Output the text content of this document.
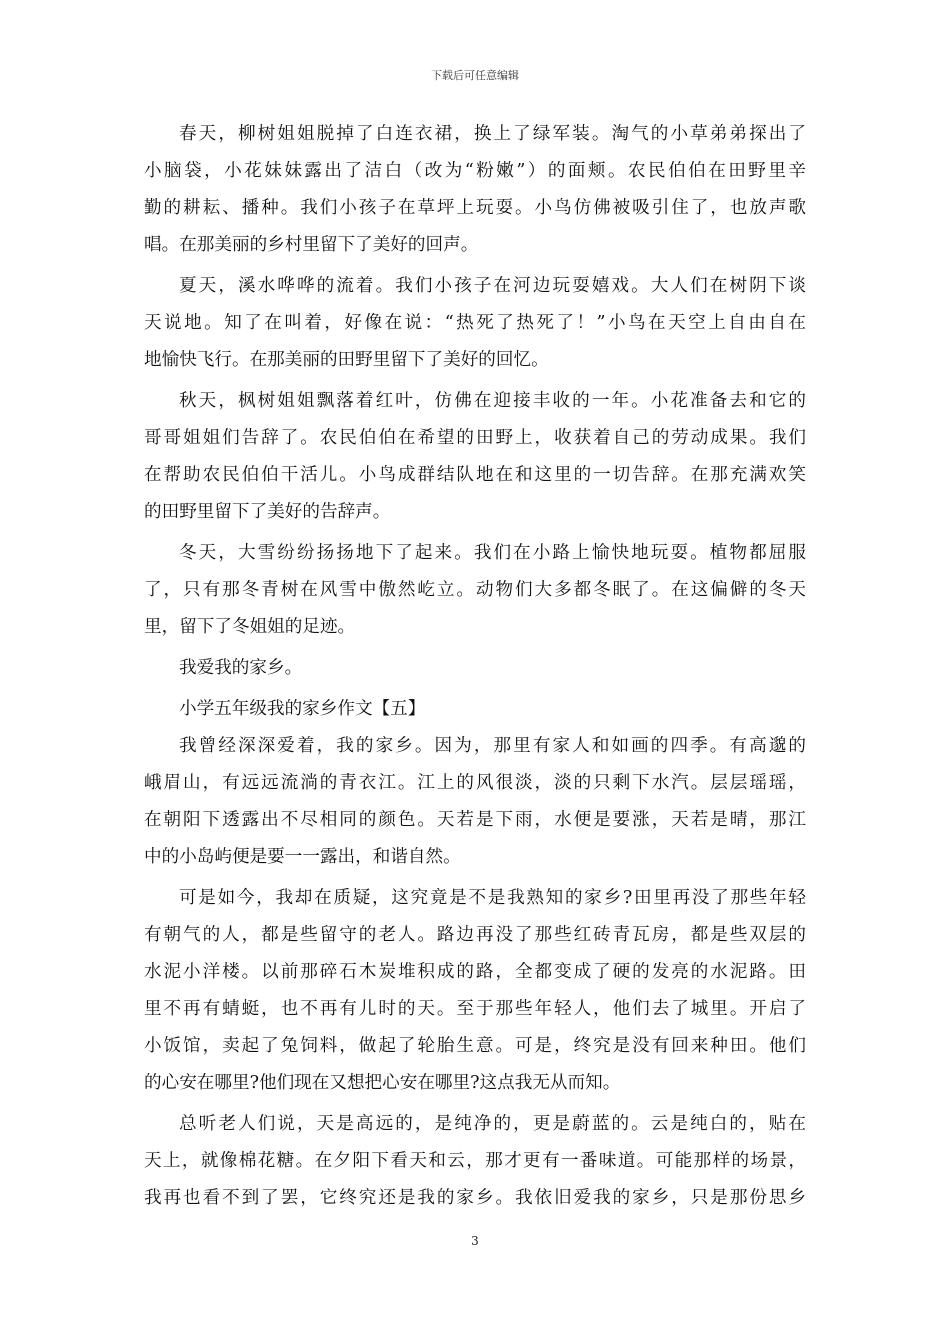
下载后可任意编辑
春天，柳树姐姐脱掉了白连衣裙，换上了绿军装。淘气的小草弟弟探出了
小脑袋，小花妹妹露出了洁白（改为“粉嫩”）的面颊。农民伯伯在田野里辛
勤的耕耘、播种。我们小孩子在草坪上玩耍。小鸟仿佛被吸引住了，也放声歌
唱。在那美丽的乡村里留下了美好的回声。
夏天，溪水哗哗的流着。我们小孩子在河边玩耍嬉戏。大人们在树阴下谈
天说地。知了在叫着，好像在说：“热死了热死了！”小鸟在天空上自由自在
地愉快飞行。在那美丽的田野里留下了美好的回忆。
秋天，枫树姐姐飘落着红叶，仿佛在迎接丰收的一年。小花准备去和它的
哥哥姐姐们告辞了。农民伯伯在希望的田野上，收获着自己的劳动成果。我们
在帮助农民伯伯干活儿。小鸟成群结队地在和这里的一切告辞。在那充满欢笑
的田野里留下了美好的告辞声。
冬天，大雪纷纷扬扬地下了起来。我们在小路上愉快地玩耍。植物都屈服
了，只有那冬青树在风雪中傲然屹立。动物们大多都冬眠了。在这偏僻的冬天
里，留下了冬姐姐的足迹。
我爱我的家乡。
小学五年级我的家乡作文【五】
我曾经深深爱着，我的家乡。因为，那里有家人和如画的四季。有高邈的
峨眉山，有远远流淌的青衣江。江上的风很淡，淡的只剩下水汽。层层瑶瑶，
在朝阳下透露出不尽相同的颜色。天若是下雨，水便是要涨，天若是晴，那江
中的小岛屿便是要一一露出，和谐自然。
可是如今，我却在质疑，这究竟是不是我熟知的家乡?田里再没了那些年轻
有朝气的人，都是些留守的老人。路边再没了那些红砖青瓦房，都是些双层的
水泥小洋楼。以前那碎石木炭堆积成的路，全都变成了硬的发亮的水泥路。田
里不再有蜻蜓，也不再有儿时的天。至于那些年轻人，他们去了城里。开启了
小饭馆，卖起了兔饲料，做起了轮胎生意。可是，终究是没有回来种田。他们
的心安在哪里?他们现在又想把心安在哪里?这点我无从而知。
总听老人们说，天是高远的，是纯净的，更是蔚蓝的。云是纯白的，贴在
天上，就像棉花糖。在夕阳下看天和云，那才更有一番味道。可能那样的场景，
我再也看不到了罢，它终究还是我的家乡。我依旧爱我的家乡，只是那份思乡
3
